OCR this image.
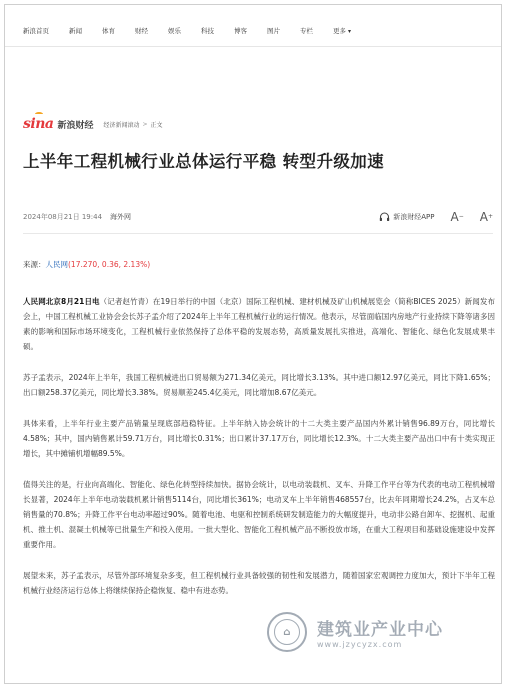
新浪首页	新闻	体育	财经	娱乐	科技	博客	图片	专栏	更多 ▾
sina 新浪财经 经济新闻滚动 > 正文
上半年工程机械行业总体运行平稳 转型升级加速
2024年08月21日 19:44 海外网	新浪财经APP A− A+

来源：人民网(17.270, 0.36, 2.13%)

人民网北京8月21日电（记者赵竹青）在19日举行的中国（北京）国际工程机械、建材机械及矿山机械展览会（简称BICES 2025）新闻发布会上，中国工程机械工业协会会长苏子孟介绍了2024年上半年工程机械行业的运行情况。他表示，尽管面临国内房地产行业持续下降等诸多因素的影响和国际市场环境变化，工程机械行业依然保持了总体平稳的发展态势，高质量发展扎实推进，高端化、智能化、绿色化发展成果丰硕。

苏子孟表示，2024年上半年，我国工程机械进出口贸易额为271.34亿美元，同比增长3.13%。其中进口额12.97亿美元，同比下降1.65%；出口额258.37亿美元，同比增长3.38%。贸易顺差245.4亿美元，同比增加8.67亿美元。

具体来看，上半年行业主要产品销量呈现底部趋稳特征。上半年纳入协会统计的十二大类主要产品国内外累计销售96.89万台，同比增长4.58%；其中，国内销售累计59.71万台，同比增长0.31%；出口累计37.17万台，同比增长12.3%。十二大类主要产品出口中有十类实现正增长，其中摊铺机增幅89.5%。

值得关注的是，行业向高端化、智能化、绿色化转型持续加快。据协会统计，以电动装载机、叉车、升降工作平台等为代表的电动工程机械增长显著，2024年上半年电动装载机累计销售5114台，同比增长361%；电动叉车上半年销售468557台，比去年同期增长24.2%，占叉车总销售量的70.8%；升降工作平台电动率超过90%。随着电池、电驱和控制系统研发制造能力的大幅度提升，电动非公路自卸车、挖掘机、起重机、推土机、混凝土机械等已批量生产和投入使用。一批大型化、智能化工程机械产品不断投放市场，在重大工程项目和基础设施建设中发挥重要作用。

展望未来，苏子孟表示，尽管外部环境复杂多变，但工程机械行业具备较强的韧性和发展潜力，随着国家宏观调控力度加大，预计下半年工程机械行业经济运行总体上将继续保持企稳恢复、稳中有进态势。

⌂	建筑业产业中心
www.jzycyzx.com
